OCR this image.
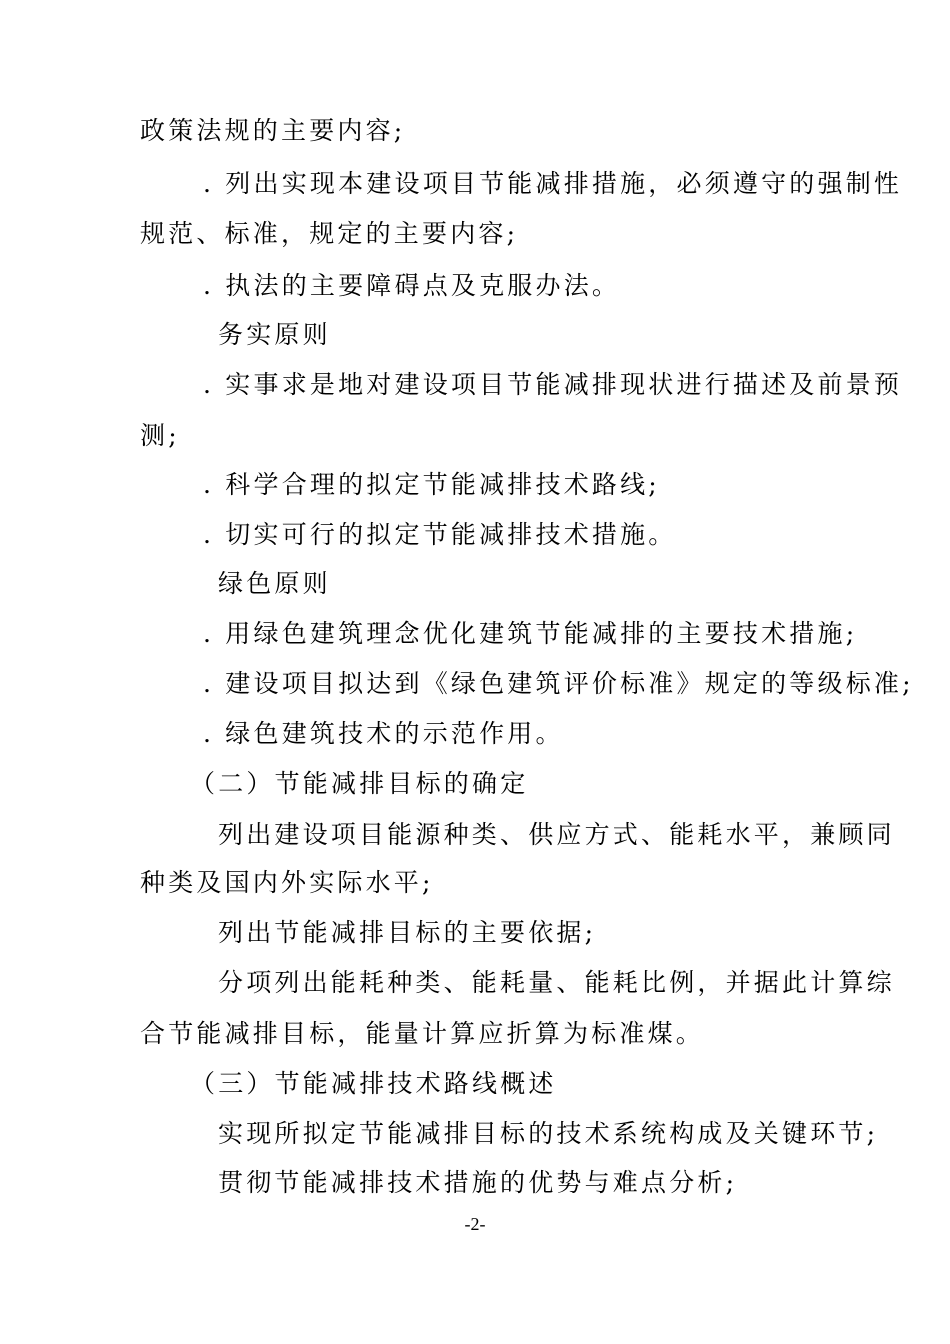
政策法规的主要内容;
. 列出实现本建设项目节能减排措施，必须遵守的强制性
规范、标准，规定的主要内容;
. 执法的主要障碍点及克服办法。
务实原则
. 实事求是地对建设项目节能减排现状进行描述及前景预
测;
. 科学合理的拟定节能减排技术路线;
. 切实可行的拟定节能减排技术措施。
绿色原则
. 用绿色建筑理念优化建筑节能减排的主要技术措施;
. 建设项目拟达到《绿色建筑评价标准》规定的等级标准;
. 绿色建筑技术的示范作用。
（二）节能减排目标的确定
列出建设项目能源种类、供应方式、能耗水平，兼顾同
种类及国内外实际水平;
列出节能减排目标的主要依据;
分项列出能耗种类、能耗量、能耗比例，并据此计算综
合节能减排目标，能量计算应折算为标准煤。
（三）节能减排技术路线概述
实现所拟定节能减排目标的技术系统构成及关键环节;
贯彻节能减排技术措施的优势与难点分析;
-2-
